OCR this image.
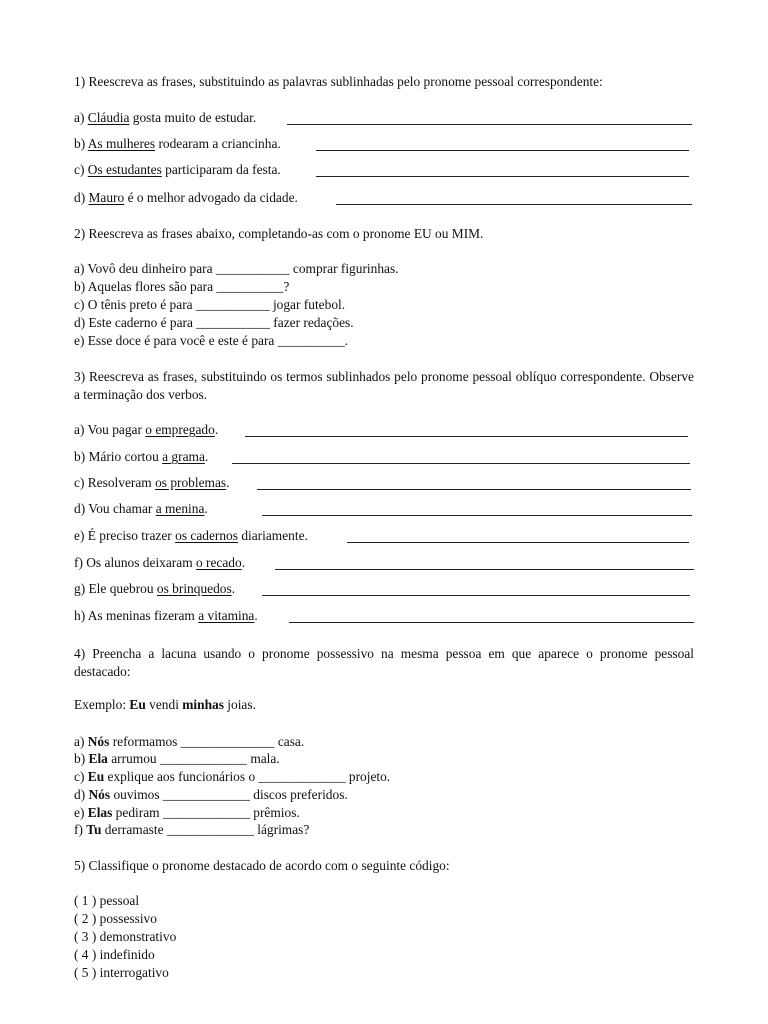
1) Reescreva as frases, substituindo as palavras sublinhadas pelo pronome pessoal correspondente:
a) Cláudia gosta muito de estudar.
b) As mulheres rodearam a criancinha.
c) Os estudantes participaram da festa.
d) Mauro é o melhor advogado da cidade.
2) Reescreva as frases abaixo, completando-as com o pronome EU ou MIM.
a) Vovô deu dinheiro para ___________ comprar figurinhas.
b) Aquelas flores são para __________?
c) O tênis preto é para ___________ jogar futebol.
d) Este caderno é para ___________ fazer redações.
e) Esse doce é para você e este é para __________.
3) Reescreva as frases, substituindo os termos sublinhados pelo pronome pessoal oblíquo correspondente. Observe a terminação dos verbos.
a) Vou pagar o empregado.
b) Mário cortou a grama.
c) Resolveram os problemas.
d) Vou chamar a menina.
e) É preciso trazer os cadernos diariamente.
f) Os alunos deixaram o recado.
g) Ele quebrou os brinquedos.
h) As meninas fizeram a vitamina.
4) Preencha a lacuna usando o pronome possessivo na mesma pessoa em que aparece o pronome pessoal destacado:
Exemplo: Eu vendi minhas joias.
a) Nós reformamos ______________ casa.
b) Ela arrumou _____________ mala.
c) Eu explique aos funcionários o _____________ projeto.
d) Nós ouvimos _____________ discos preferidos.
e) Elas pediram _____________ prêmios.
f) Tu derramaste _____________ lágrimas?
5) Classifique o pronome destacado de acordo com o seguinte código:
( 1 ) pessoal
( 2 ) possessivo
( 3 ) demonstrativo
( 4 ) indefinido
( 5 ) interrogativo
